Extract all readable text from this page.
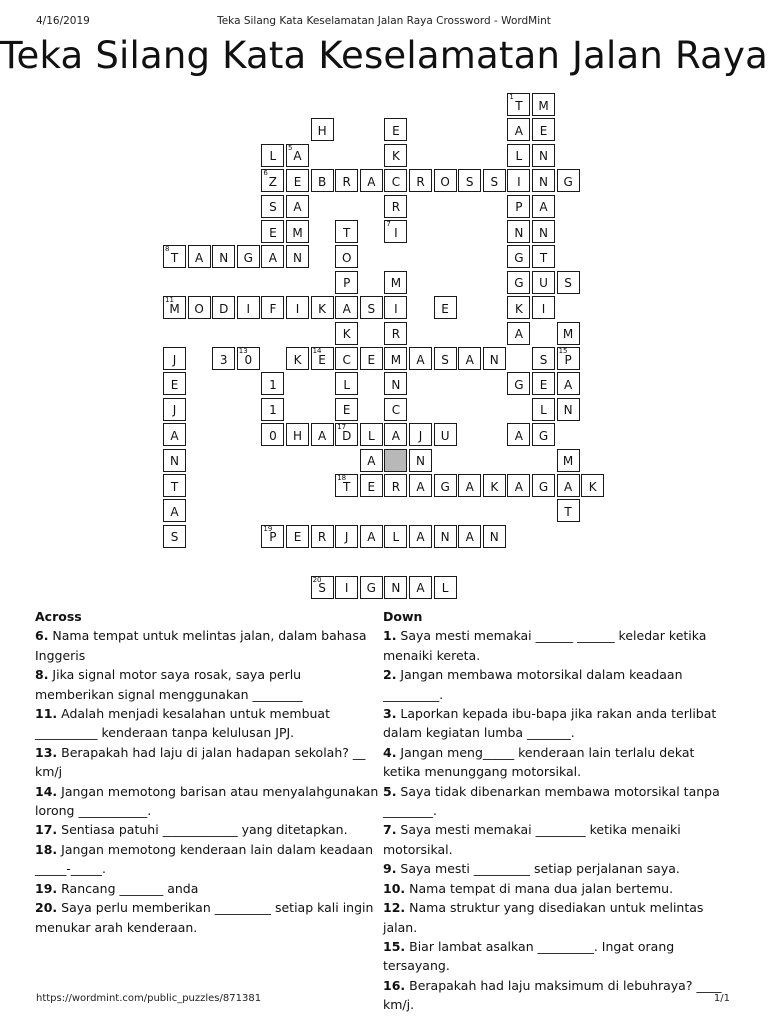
4/16/2019	Teka Silang Kata Keselamatan Jalan Raya Crossword - WordMint
Teka Silang Kata Keselamatan Jalan Raya
1
T M
H	E	A E
L
5
A	K	L N
6
Z E B R A C R O S S I N G
S A	R	P A
E M	T
7
I	N N
8
T A N G A N	O	G T
P	M	G U S
11
M O D I F I K A S I	E	K I
K	R	A	M
J	3
13
0	K
14
E C E M A S A N	S
15
P
E	1	L	N	G E A
J	1	E	C	L N
A	0 H A
17
D L A J U	A G
N	A	N	M
T
18
T E R A G A K A G A K
A	T
S
19
P E R J A L A N A N
20
S I G N A L
Across
6. Nama tempat untuk melintas jalan, dalam bahasa Inggeris
8. Jika signal motor saya rosak, saya perlu memberikan signal menggunakan ________
11. Adalah menjadi kesalahan untuk membuat __________ kenderaan tanpa kelulusan JPJ.
13. Berapakah had laju di jalan hadapan sekolah? __ km/j
14. Jangan memotong barisan atau menyalahgunakan lorong ___________.
17. Sentiasa patuhi ____________ yang ditetapkan.
18. Jangan memotong kenderaan lain dalam keadaan _____-_____.
19. Rancang _______ anda
20. Saya perlu memberikan _________ setiap kali ingin menukar arah kenderaan.
Down
1. Saya mesti memakai ______ ______ keledar ketika menaiki kereta.
2. Jangan membawa motorsikal dalam keadaan _________.
3. Laporkan kepada ibu-bapa jika rakan anda terlibat dalam kegiatan lumba _______.
4. Jangan meng_____ kenderaan lain terlalu dekat ketika menunggang motorsikal.
5. Saya tidak dibenarkan membawa motorsikal tanpa ________.
7. Saya mesti memakai ________ ketika menaiki motorsikal.
9. Saya mesti _________ setiap perjalanan saya.
10. Nama tempat di mana dua jalan bertemu.
12. Nama struktur yang disediakan untuk melintas jalan.
15. Biar lambat asalkan _________. Ingat orang tersayang.
16. Berapakah had laju maksimum di lebuhraya? ____ km/j.
https://wordmint.com/public_puzzles/871381	1/1
